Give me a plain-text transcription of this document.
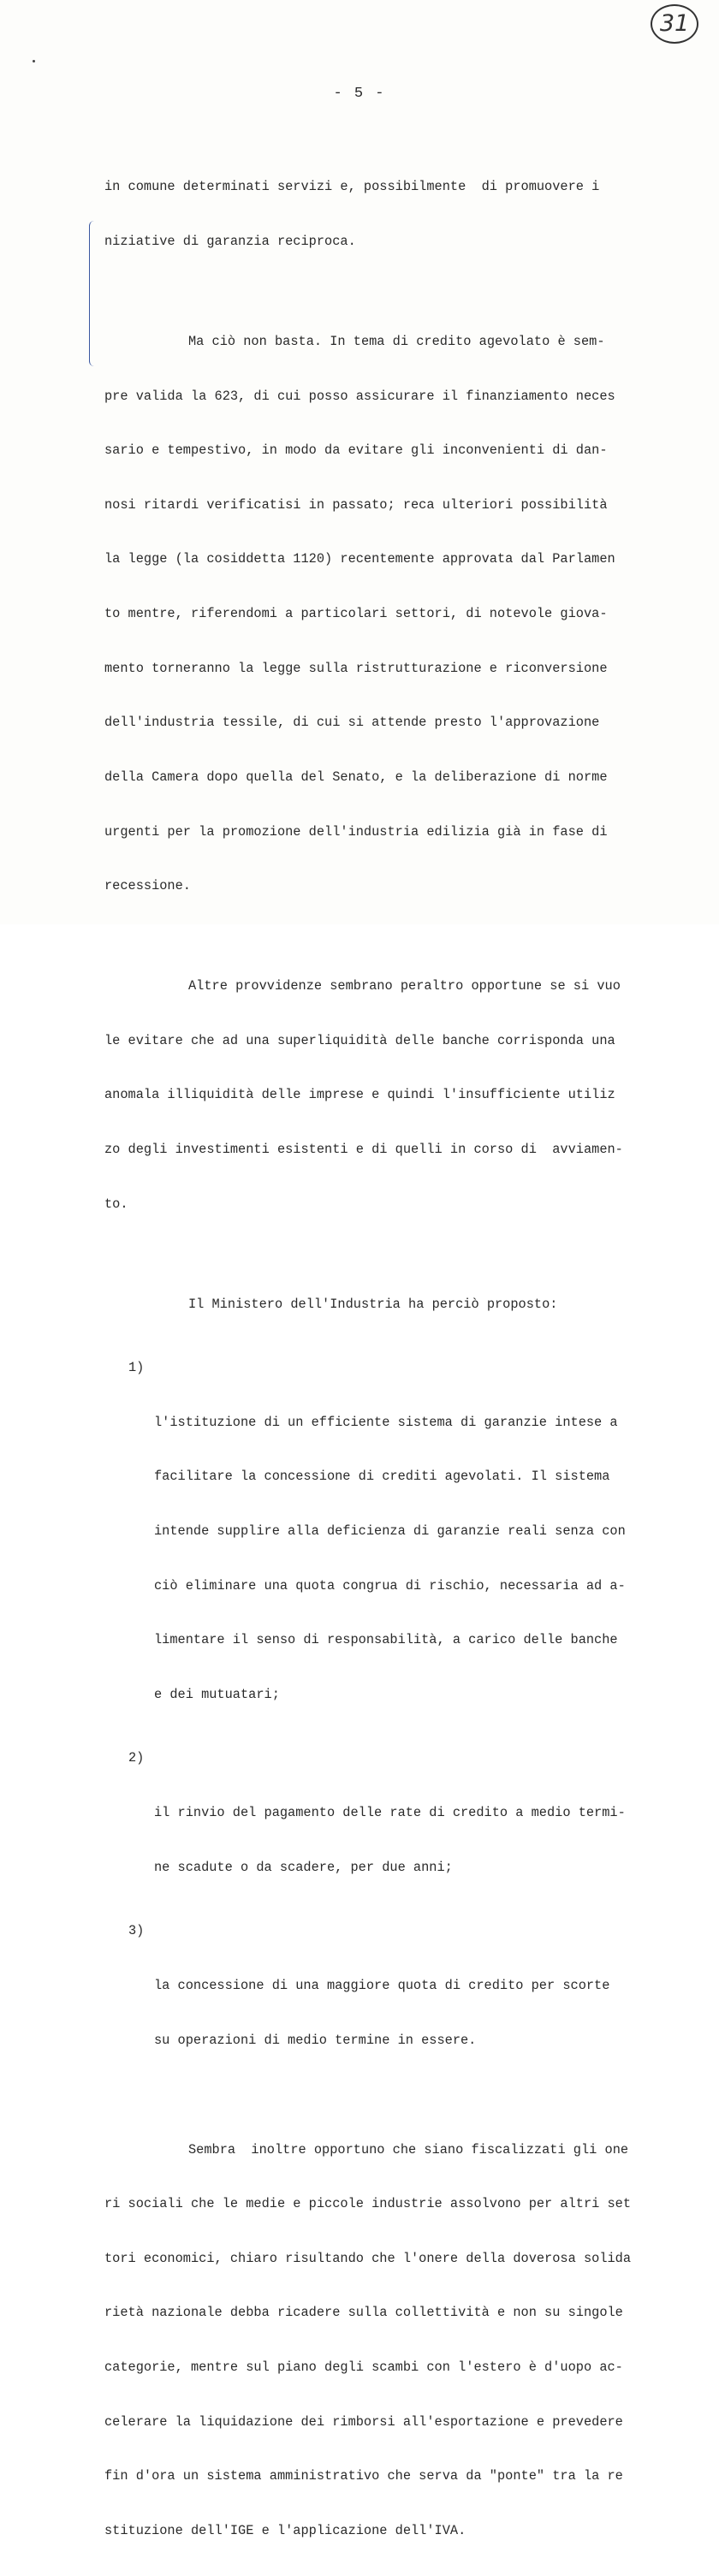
31
- 5 -

in comune determinati servizi e, possibilmente  di promuovere i

niziative di garanzia reciproca.

Ma ciò non basta. In tema di credito agevolato è sem-

pre valida la 623, di cui posso assicurare il finanziamento neces

sario e tempestivo, in modo da evitare gli inconvenienti di dan-

nosi ritardi verificatisi in passato; reca ulteriori possibilità

la legge (la cosiddetta 1120) recentemente approvata dal Parlamen

to mentre, riferendomi a particolari settori, di notevole giova-

mento torneranno la legge sulla ristrutturazione e riconversione

dell'industria tessile, di cui si attende presto l'approvazione

della Camera dopo quella del Senato, e la deliberazione di norme

urgenti per la promozione dell'industria edilizia già in fase di

recessione.

Altre provvidenze sembrano peraltro opportune se si vuo

le evitare che ad una superliquidità delle banche corrisponda una

anomala illiquidità delle imprese e quindi l'insufficiente utiliz

zo degli investimenti esistenti e di quelli in corso di  avviamen-

to.

Il Ministero dell'Industria ha perciò proposto:

1)

l'istituzione di un efficiente sistema di garanzie intese a

facilitare la concessione di crediti agevolati. Il sistema

intende supplire alla deficienza di garanzie reali senza con

ciò eliminare una quota congrua di rischio, necessaria ad a-

limentare il senso di responsabilità, a carico delle banche

e dei mutuatari;

2)

il rinvio del pagamento delle rate di credito a medio termi-

ne scadute o da scadere, per due anni;

3)

la concessione di una maggiore quota di credito per scorte

su operazioni di medio termine in essere.

Sembra  inoltre opportuno che siano fiscalizzati gli one

ri sociali che le medie e piccole industrie assolvono per altri set

tori economici, chiaro risultando che l'onere della doverosa solida

rietà nazionale debba ricadere sulla collettività e non su singole

categorie, mentre sul piano degli scambi con l'estero è d'uopo ac-

celerare la liquidazione dei rimborsi all'esportazione e prevedere

fin d'ora un sistema amministrativo che serva da "ponte" tra la re

stituzione dell'IGE e l'applicazione dell'IVA.
